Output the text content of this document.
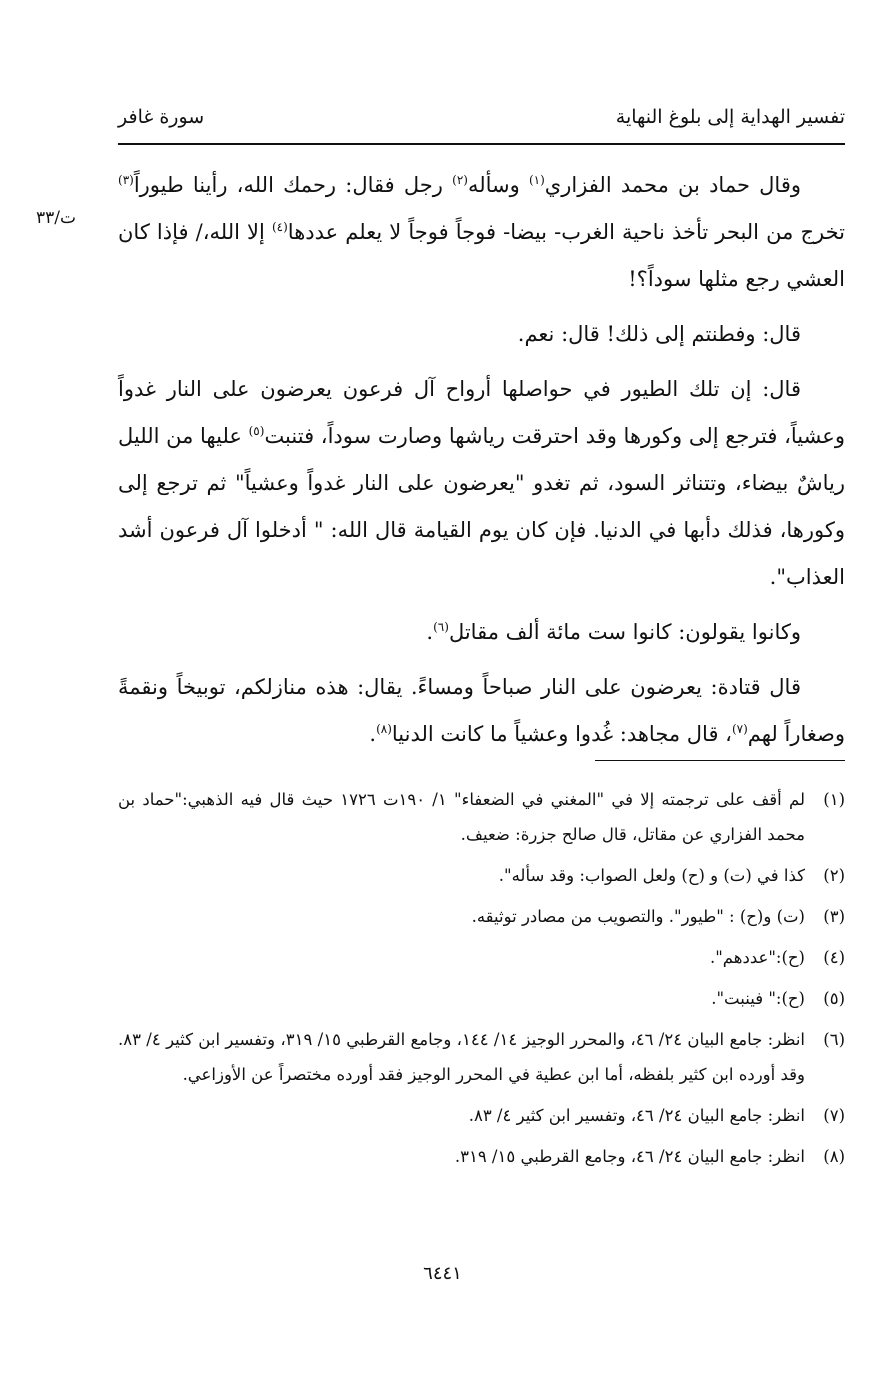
تفسير الهداية إلى بلوغ النهاية
سورة غافر
ت/٣٣

وقال حماد بن محمد الفزاري$^{(١)}$ وسأله$^{(٢)}$ رجل فقال: رحمك الله، رأينا طيوراً$^{(٣)}$ تخرج من البحر تأخذ ناحية الغرب- بيضا- فوجاً فوجاً لا يعلم عددها$^{(٤)}$ إلا الله،/ فإذا كان العشي رجع مثلها سوداً؟!

قال: وفطنتم إلى ذلك! قال: نعم.

قال: إن تلك الطيور في حواصلها أرواح آل فرعون يعرضون على النار غدواً وعشياً، فترجع إلى وكورها وقد احترقت رياشها وصارت سوداً، فتنبت$^{(٥)}$ عليها من الليل رياشٌ بيضاء، وتتناثر السود، ثم تغدو "يعرضون على النار غدواً وعشياً" ثم ترجع إلى وكورها، فذلك دأبها في الدنيا. فإن كان يوم القيامة قال الله: " أدخلوا آل فرعون أشد العذاب".

وكانوا يقولون: كانوا ست مائة ألف مقاتل$^{(٦)}$.

قال قتادة: يعرضون على النار صباحاً ومساءً. يقال: هذه منازلكم، توبيخاً ونقمةً وصغاراً لهم$^{(٧)}$، قال مجاهد: غُدوا وعشياً ما كانت الدنيا$^{(٨)}$.

(١)
لم أقف على ترجمته إلا في "المغني في الضعفاء" ١/ ١٩٠ت ١٧٢٦ حيث قال فيه الذهبي:"حماد بن محمد الفزاري عن مقاتل، قال صالح جزرة: ضعيف.
(٢)
كذا في (ت) و (ح) ولعل الصواب: وقد سأله".
(٣)
(ت) و(ح) : "طيور". والتصويب من مصادر توثيقه.
(٤)
(ح):"عددهم".
(٥)
(ح):" فينبت".
(٦)
انظر: جامع البيان ٢٤/ ٤٦، والمحرر الوجيز ١٤/ ١٤٤، وجامع القرطبي ١٥/ ٣١٩، وتفسير ابن كثير ٤/ ٨٣. وقد أورده ابن كثير بلفظه، أما ابن عطية في المحرر الوجيز فقد أورده مختصراً عن الأوزاعي.
(٧)
انظر: جامع البيان ٢٤/ ٤٦، وتفسير ابن كثير ٤/ ٨٣.
(٨)
انظر: جامع البيان ٢٤/ ٤٦، وجامع القرطبي ١٥/ ٣١٩.
٦٤٤١
